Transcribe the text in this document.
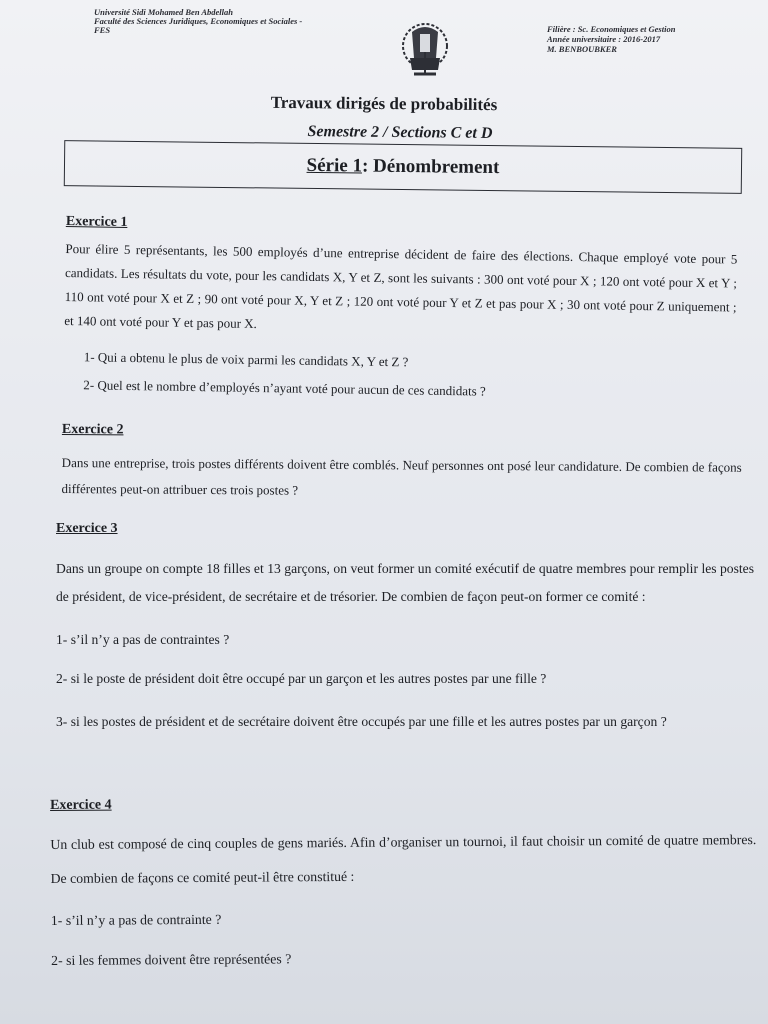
Université Sidi Mohamed Ben Abdellah
Faculté des Sciences Juridiques, Economiques et Sociales -
FES	Filière : Sc. Economiques et Gestion
Année universitaire : 2016-2017
M. BENBOUBKER
Travaux dirigés de probabilités
Semestre 2 / Sections C et D
Série 1 : Dénombrement
Exercice 1
Pour élire 5 représentants, les 500 employés d’une entreprise décident de faire des élections. Chaque employé vote pour 5 candidats. Les résultats du vote, pour les candidats X, Y et Z, sont les suivants : 300 ont voté pour X ; 120 ont voté pour X et Y ; 110 ont voté pour X et Z ; 90 ont voté pour X, Y et Z ; 120 ont voté pour Y et Z et pas pour X ; 30 ont voté pour Z uniquement ; et 140 ont voté pour Y et pas pour X.
1- Qui a obtenu le plus de voix parmi les candidats X, Y et Z ?
2- Quel est le nombre d’employés n’ayant voté pour aucun de ces candidats ?
Exercice 2
Dans une entreprise, trois postes différents doivent être comblés. Neuf personnes ont posé leur candidature. De combien de façons différentes peut-on attribuer ces trois postes ?
Exercice 3
Dans un groupe on compte 18 filles et 13 garçons, on veut former un comité exécutif de quatre membres pour remplir les postes de président, de vice-président, de secrétaire et de trésorier. De combien de façon peut-on former ce comité :
1- s’il n’y a pas de contraintes ?
2- si le poste de président doit être occupé par un garçon et les autres postes par une fille ?
3- si les postes de président et de secrétaire doivent être occupés par une fille et les autres postes par un garçon ?
Exercice 4
Un club est composé de cinq couples de gens mariés. Afin d’organiser un tournoi, il faut choisir un comité de quatre membres. De combien de façons ce comité peut-il être constitué :
1- s’il n’y a pas de contrainte ?
2- si les femmes doivent être représentées ?
